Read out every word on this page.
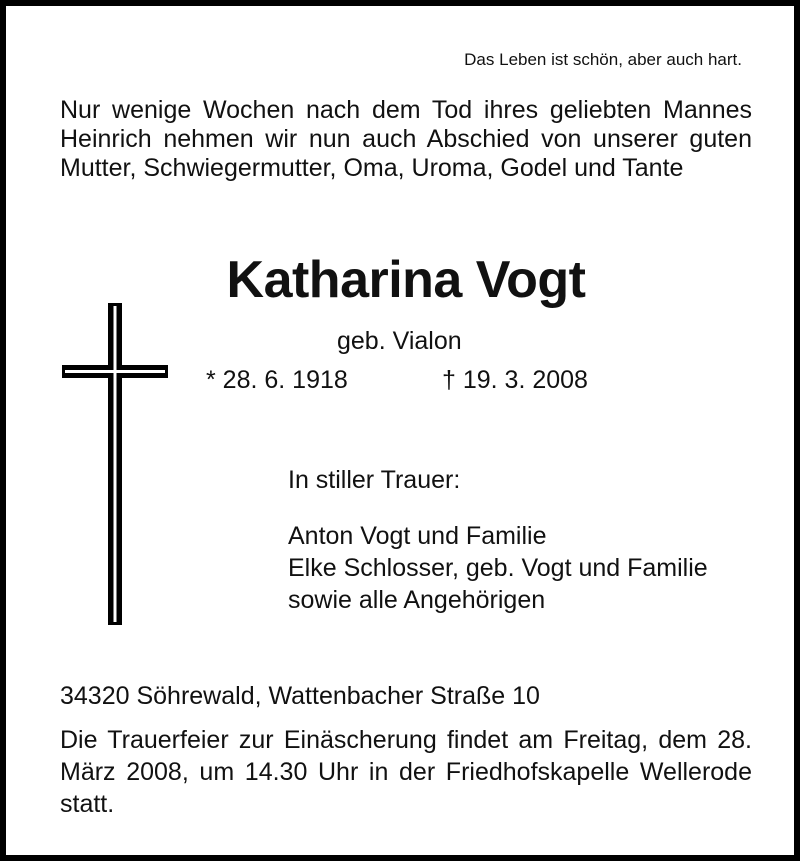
Das Leben ist schön, aber auch hart.

Nur wenige Wochen nach dem Tod ihres geliebten Mannes Heinrich nehmen wir nun auch Abschied von unserer guten Mutter, Schwiegermutter, Oma, Uroma, Godel und Tante

Katharina Vogt
geb. Vialon
* 28. 6. 1918	† 19. 3. 2008
In stiller Trauer:
Anton Vogt und Familie
Elke Schlosser, geb. Vogt und Familie
sowie alle Angehörigen
34320 Söhrewald, Wattenbacher Straße 10

Die Trauerfeier zur Einäscherung findet am Freitag, dem 28. März 2008, um 14.30 Uhr in der Friedhofskapelle Wellerode statt.
